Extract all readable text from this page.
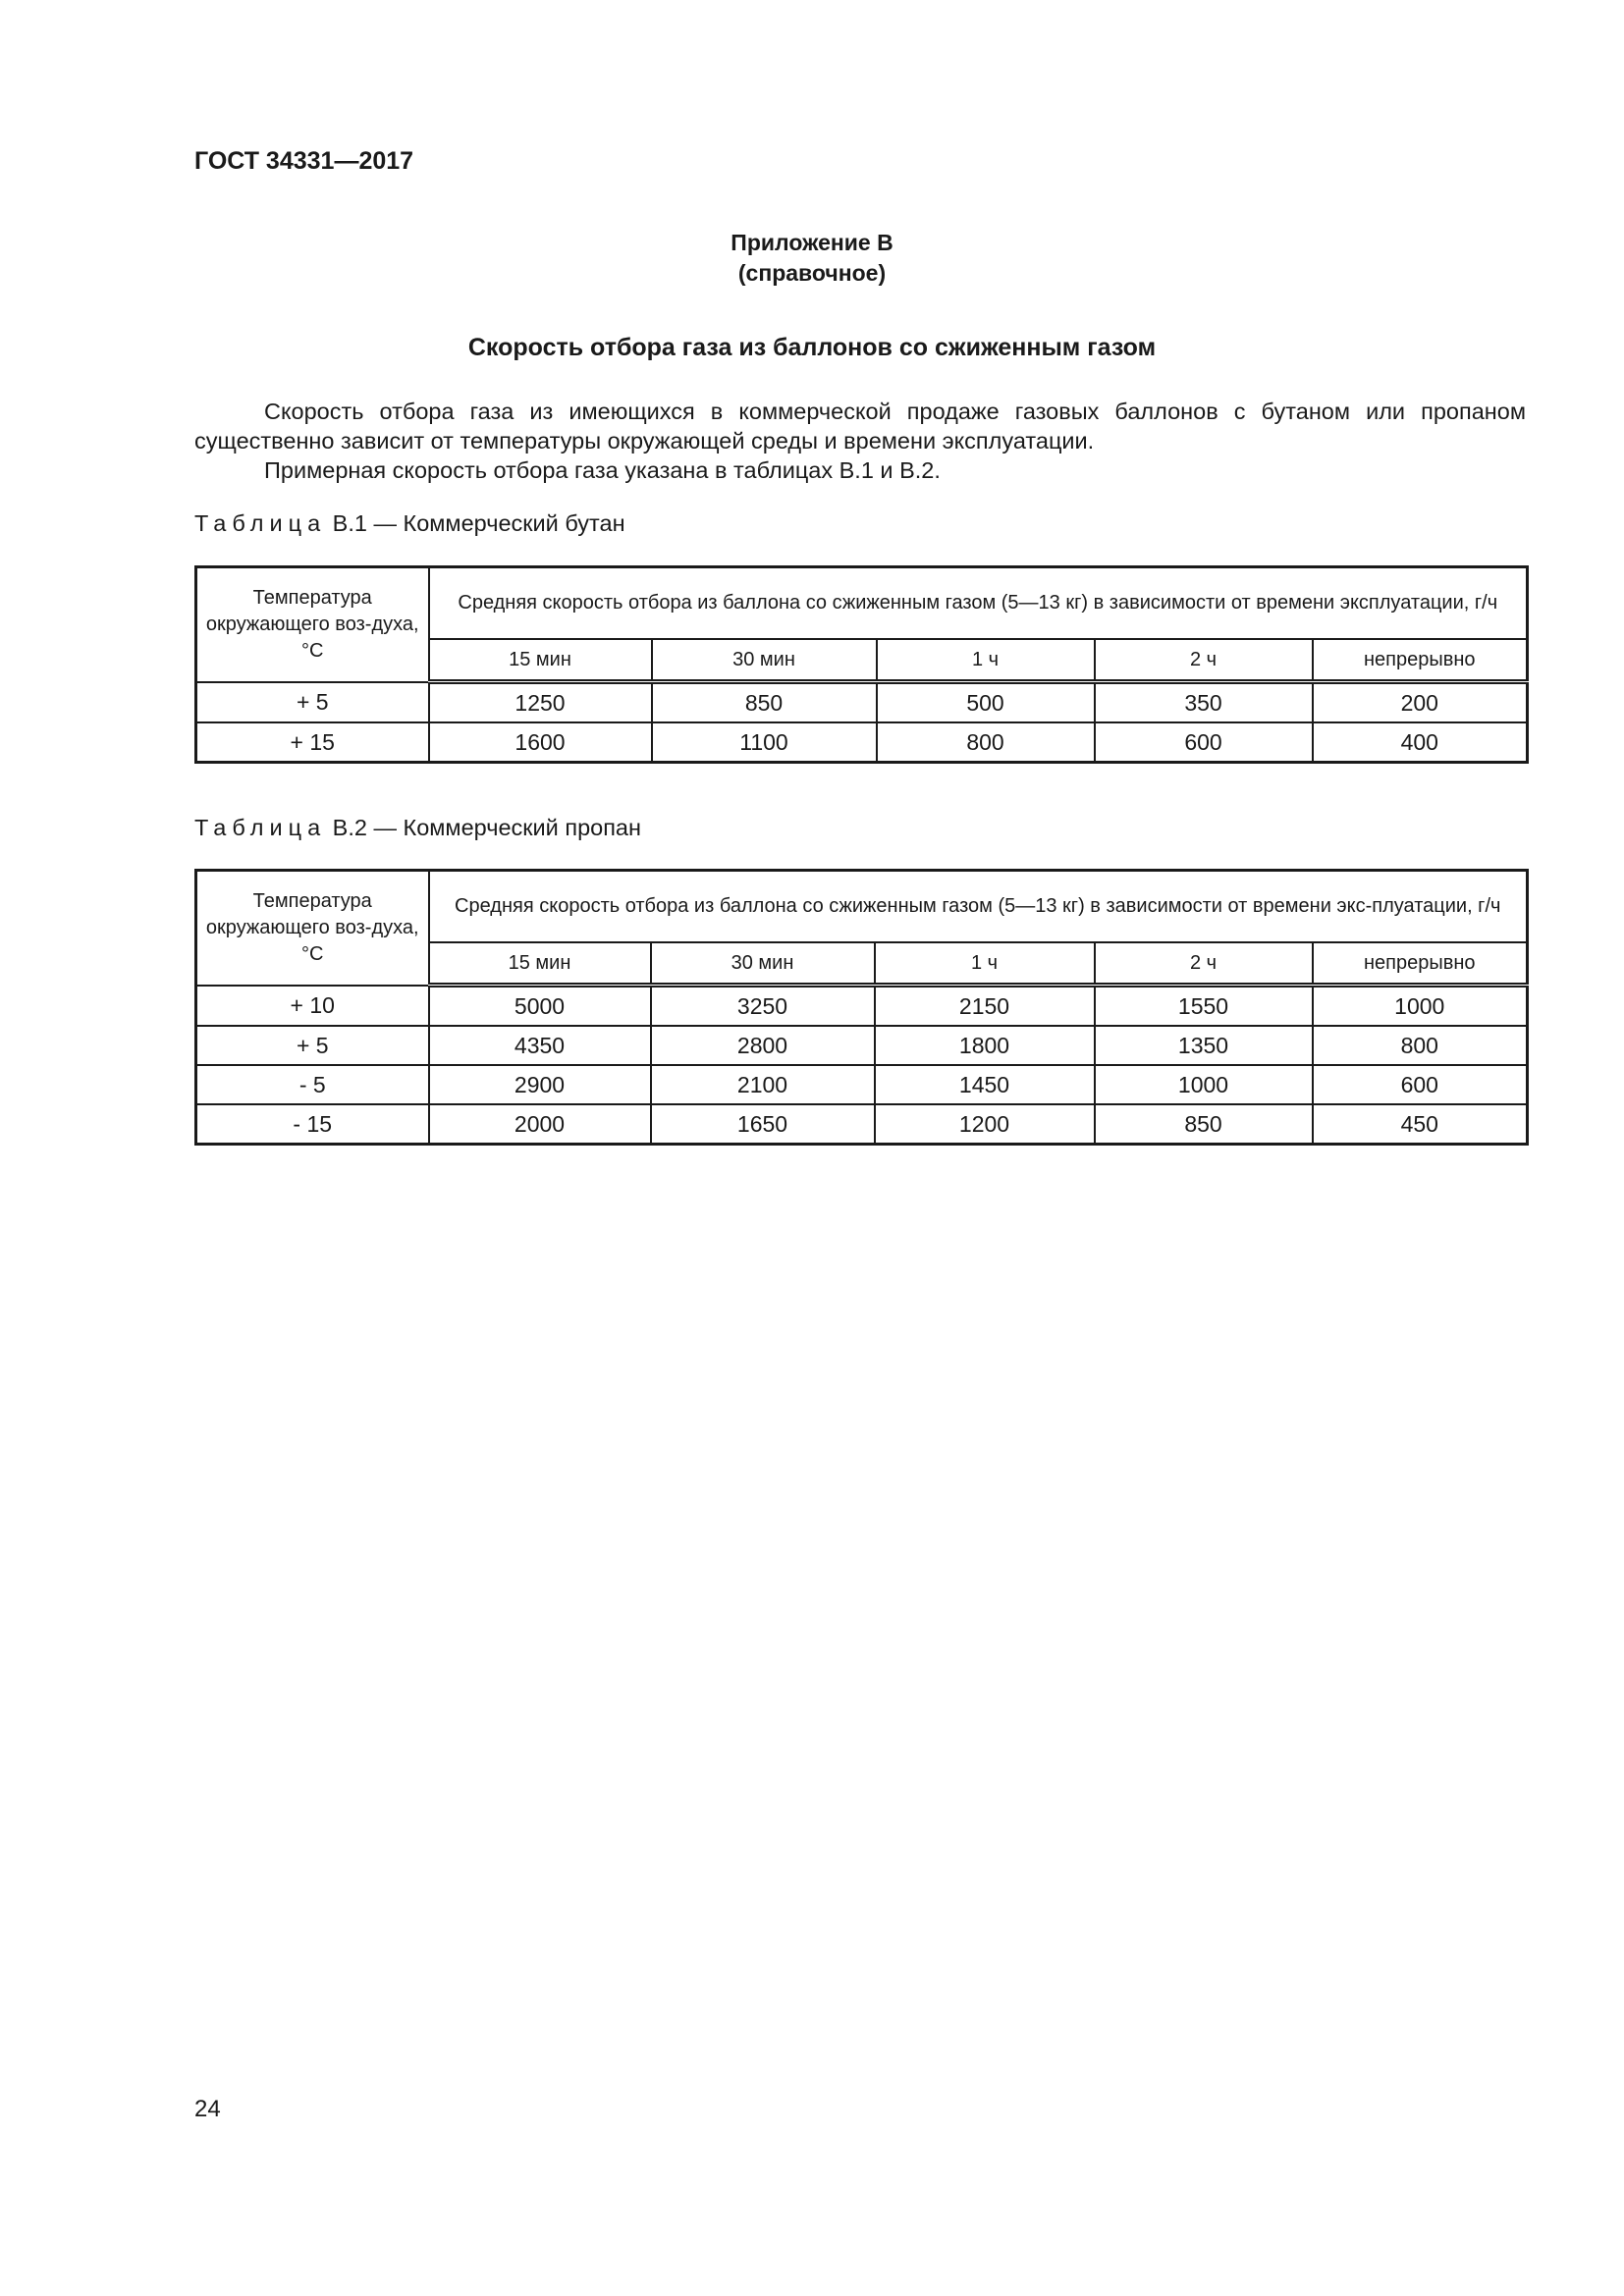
ГОСТ 34331—2017
Приложение В
(справочное)
Скорость отбора газа из баллонов со сжиженным газом

Скорость отбора газа из имеющихся в коммерческой продаже газовых баллонов с бутаном или пропаном существенно зависит от температуры окружающей среды и времени эксплуатации.

Примерная скорость отбора газа указана в таблицах В.1 и В.2.

Таблица В.1 — Коммерческий бутан
Температура окружающего воз-духа, °С	Средняя скорость отбора из баллона со сжиженным газом (5—13 кг) в зависимости от времени эксплуатации, г/ч				
	15 мин	30 мин	1 ч	2 ч	непрерывно
+ 5	1250	850	500	350	200
+ 15	1600	1100	800	600	400
Таблица В.2 — Коммерческий пропан
Температура окружающего воз-духа, °С	Средняя скорость отбора из баллона со сжиженным газом (5—13 кг) в зависимости от времени экс-плуатации, г/ч				
	15 мин	30 мин	1 ч	2 ч	непрерывно
+ 10	5000	3250	2150	1550	1000
+ 5	4350	2800	1800	1350	800
- 5	2900	2100	1450	1000	600
- 15	2000	1650	1200	850	450
24
